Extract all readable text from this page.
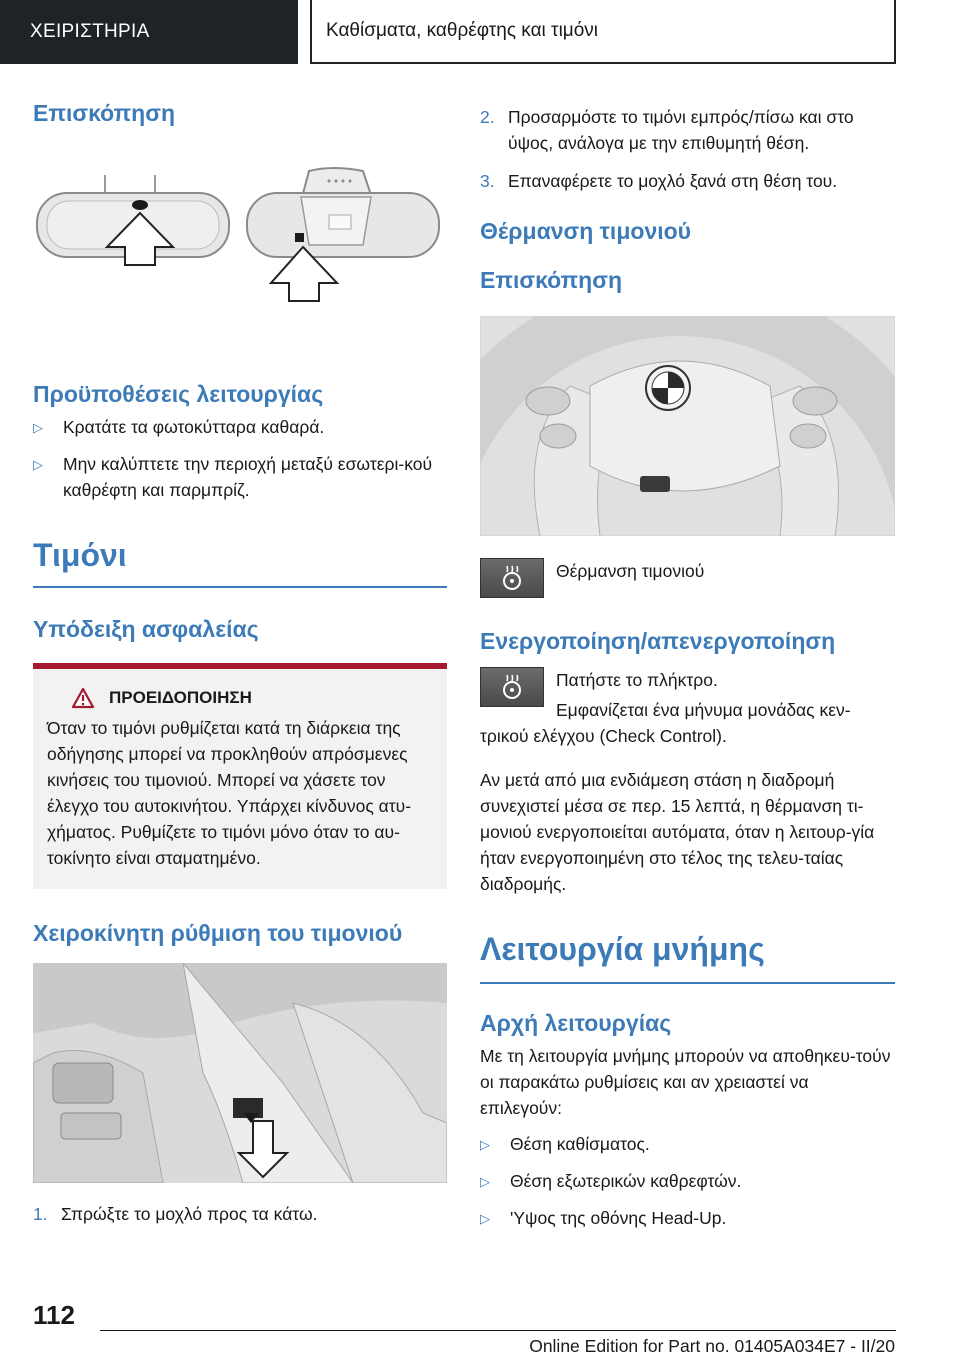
ΧΕΙΡΙΣΤΗΡΙΑ	Καθίσματα, καθρέφτης και τιμόνι
Επισκόπηση
Προϋποθέσεις λειτουργίας
▷	Κρατάτε τα φωτοκύτταρα καθαρά.
▷	Μην καλύπτετε την περιοχή μεταξύ εσωτερι-κού καθρέφτη και παρμπρίζ.
Τιμόνι
Υπόδειξη ασφαλείας
ΠΡΟΕΙΔΟΠΟΙΗΣΗ
Όταν το τιμόνι ρυθμίζεται κατά τη διάρκεια της οδήγησης μπορεί να προκληθούν απρόσμενες κινήσεις του τιμονιού. Μπορεί να χάσετε τον έλεγχο του αυτοκινήτου. Υπάρχει κίνδυνος ατυ-χήματος. Ρυθμίζετε το τιμόνι μόνο όταν το αυ-τοκίνητο είναι σταματημένο.
Χειροκίνητη ρύθμιση του τιμονιού
1. Σπρώξτε το μοχλό προς τα κάτω.
2. Προσαρμόστε το τιμόνι εμπρός/πίσω και στο ύψος, ανάλογα με την επιθυμητή θέση.
3. Επαναφέρετε το μοχλό ξανά στη θέση του.
Θέρμανση τιμονιού
Επισκόπηση
Θέρμανση τιμονιού
Ενεργοποίηση/απενεργοποίηση
Πατήστε το πλήκτρο.
Εμφανίζεται ένα μήνυμα μονάδας κεν-τρικού ελέγχου (Check Control).
Αν μετά από μια ενδιάμεση στάση η διαδρομή συνεχιστεί μέσα σε περ. 15 λεπτά, η θέρμανση τι-μονιού ενεργοποιείται αυτόματα, όταν η λειτουρ-γία ήταν ενεργοποιημένη στο τέλος της τελευ-ταίας διαδρομής.
Λειτουργία μνήμης
Αρχή λειτουργίας
Με τη λειτουργία μνήμης μπορούν να αποθηκευ-τούν οι παρακάτω ρυθμίσεις και αν χρειαστεί να επιλεγούν:
▷	Θέση καθίσματος.
▷	Θέση εξωτερικών καθρεφτών.
▷	'Υψος της οθόνης Head-Up.
112
Online Edition for Part no. 01405A034E7 - II/20
